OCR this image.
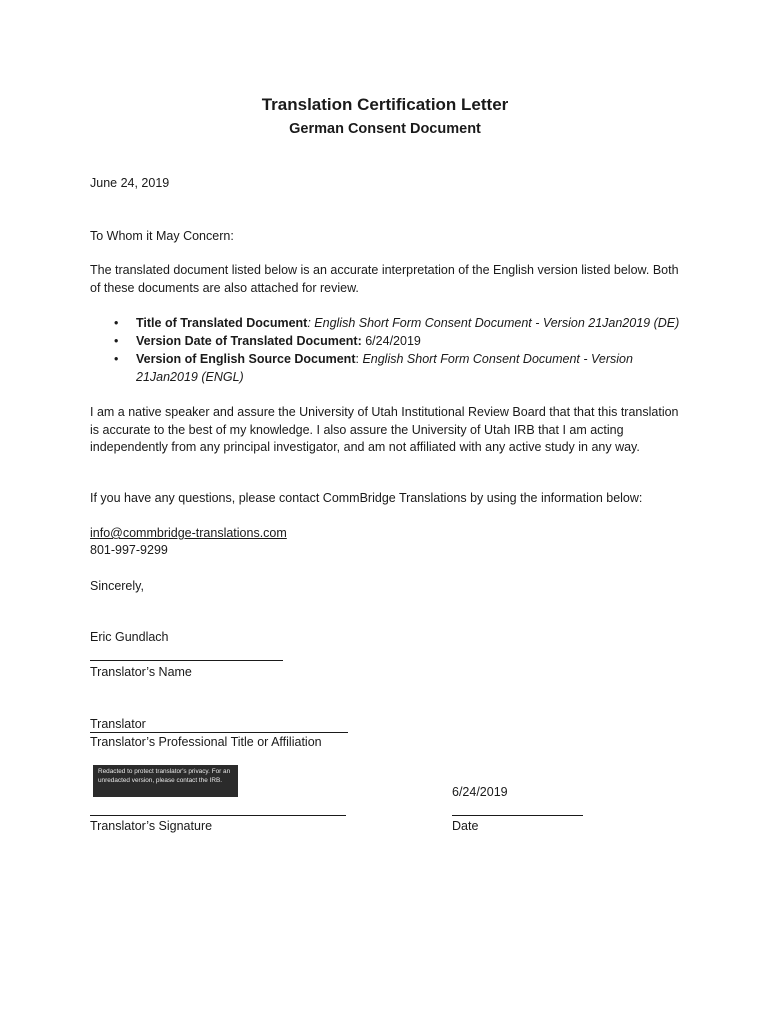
Translation Certification Letter
German Consent Document
June 24, 2019
To Whom it May Concern:
The translated document listed below is an accurate interpretation of the English version listed below. Both of these documents are also attached for review.
• Title of Translated Document: English Short Form Consent Document - Version 21Jan2019 (DE)
• Version Date of Translated Document: 6/24/2019
• Version of English Source Document: English Short Form Consent Document - Version 21Jan2019 (ENGL)
I am a native speaker and assure the University of Utah Institutional Review Board that that this translation is accurate to the best of my knowledge. I also assure the University of Utah IRB that I am acting independently from any principal investigator, and am not affiliated with any active study in any way.
If you have any questions, please contact CommBridge Translations by using the information below:
info@commbridge-translations.com
801-997-9299
Sincerely,
Eric Gundlach
Translator’s Name
Translator
Translator’s Professional Title or Affiliation
Redacted to protect translator's privacy. For an unredacted version, please contact the IRB.
Translator’s Signature
6/24/2019
Date
